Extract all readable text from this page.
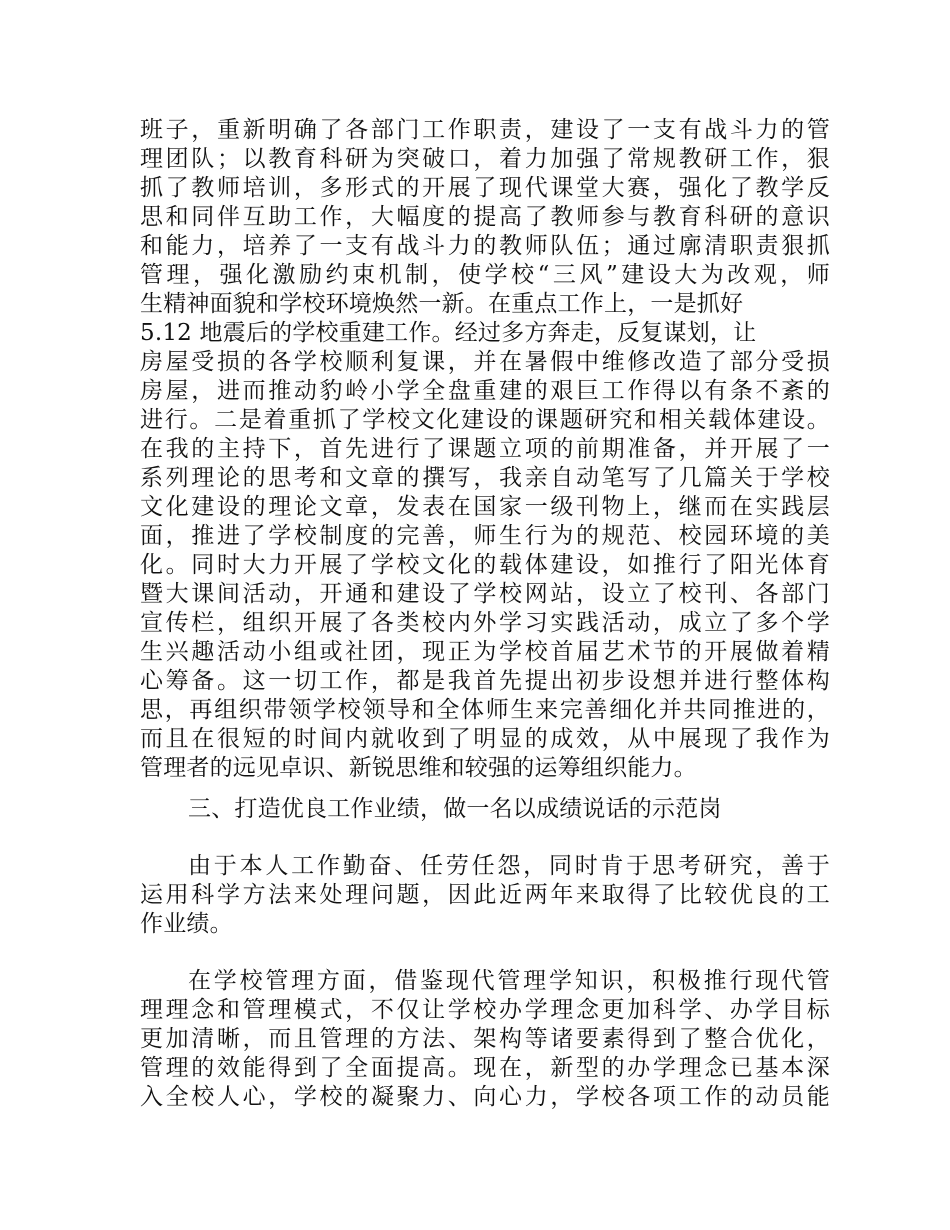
班子，重新明确了各部门工作职责，建设了一支有战斗力的管
理团队；以教育科研为突破口，着力加强了常规教研工作，狠
抓了教师培训，多形式的开展了现代课堂大赛，强化了教学反
思和同伴互助工作，大幅度的提高了教师参与教育科研的意识
和能力，培养了一支有战斗力的教师队伍；通过廓清职责狠抓
管理，强化激励约束机制，使学校“三风”建设大为改观，师
生精神面貌和学校环境焕然一新。在重点工作上，一是抓好
5.12 地震后的学校重建工作。经过多方奔走，反复谋划，让
房屋受损的各学校顺利复课，并在暑假中维修改造了部分受损
房屋，进而推动豹岭小学全盘重建的艰巨工作得以有条不紊的
进行。二是着重抓了学校文化建设的课题研究和相关载体建设。
在我的主持下，首先进行了课题立项的前期准备，并开展了一
系列理论的思考和文章的撰写，我亲自动笔写了几篇关于学校
文化建设的理论文章，发表在国家一级刊物上，继而在实践层
面，推进了学校制度的完善，师生行为的规范、校园环境的美
化。同时大力开展了学校文化的载体建设，如推行了阳光体育
暨大课间活动，开通和建设了学校网站，设立了校刊、各部门
宣传栏，组织开展了各类校内外学习实践活动，成立了多个学
生兴趣活动小组或社团，现正为学校首届艺术节的开展做着精
心筹备。这一切工作，都是我首先提出初步设想并进行整体构
思，再组织带领学校领导和全体师生来完善细化并共同推进的，
而且在很短的时间内就收到了明显的成效，从中展现了我作为
管理者的远见卓识、新锐思维和较强的运筹组织能力。
三、打造优良工作业绩，做一名以成绩说话的示范岗
由于本人工作勤奋、任劳任怨，同时肯于思考研究，善于
运用科学方法来处理问题，因此近两年来取得了比较优良的工
作业绩。
在学校管理方面，借鉴现代管理学知识，积极推行现代管
理理念和管理模式，不仅让学校办学理念更加科学、办学目标
更加清晰，而且管理的方法、架构等诸要素得到了整合优化，
管理的效能得到了全面提高。现在，新型的办学理念已基本深
入全校人心，学校的凝聚力、向心力，学校各项工作的动员能
